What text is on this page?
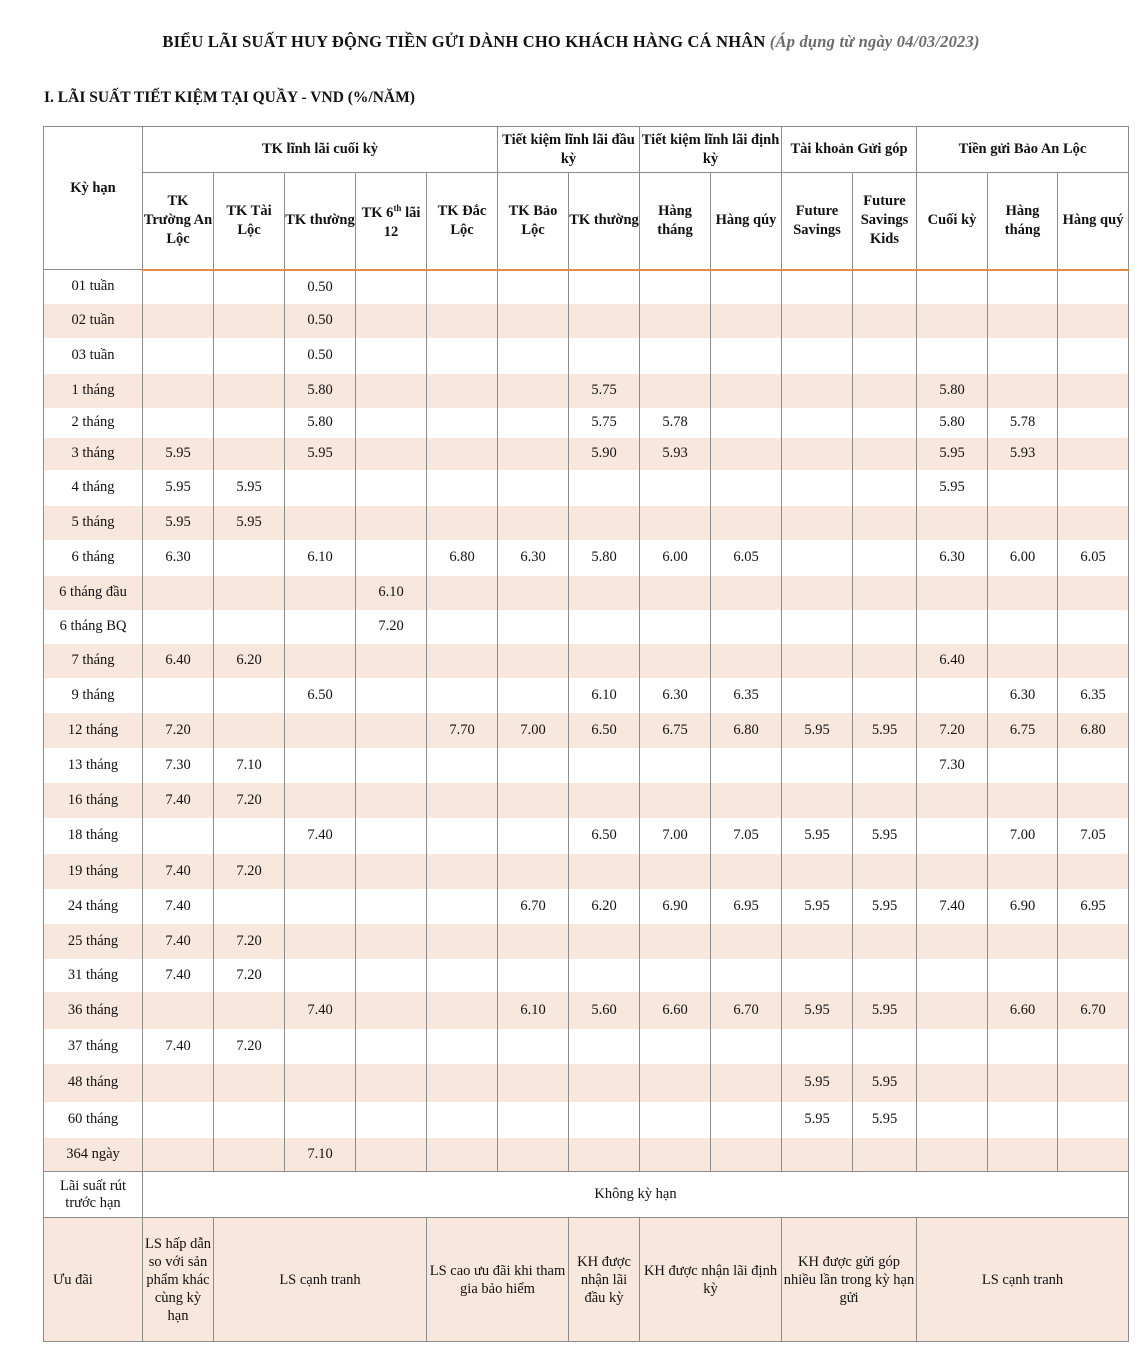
BIỂU LÃI SUẤT HUY ĐỘNG TIỀN GỬI DÀNH CHO KHÁCH HÀNG CÁ NHÂN (Áp dụng từ ngày 04/03/2023)
I. LÃI SUẤT TIẾT KIỆM TẠI QUẦY - VND (%/NĂM)
Kỳ hạn	TK lĩnh lãi cuối kỳ					Tiết kiệm lĩnh lãi đầu kỳ		Tiết kiệm lĩnh lãi định kỳ		Tài khoản Gửi góp		Tiền gửi Bảo An Lộc		
	TK Trường An Lộc	TK Tài Lộc	TK thường	TK 6th lãi 12	TK Đắc Lộc	TK Bảo Lộc	TK thường	Hàng tháng	Hàng qúy	Future Savings	Future Savings Kids	Cuối kỳ	Hàng tháng	Hàng quý
01 tuần			0.50											
02 tuần			0.50											
03 tuần			0.50											
1 tháng			5.80				5.75					5.80		
2 tháng			5.80				5.75	5.78				5.80	5.78	
3 tháng	5.95		5.95				5.90	5.93				5.95	5.93	
4 tháng	5.95	5.95										5.95		
5 tháng	5.95	5.95												
6 tháng	6.30		6.10		6.80	6.30	5.80	6.00	6.05			6.30	6.00	6.05
6 tháng đầu				6.10										
6 tháng BQ				7.20										
7 tháng	6.40	6.20										6.40		
9 tháng			6.50				6.10	6.30	6.35				6.30	6.35
12 tháng	7.20				7.70	7.00	6.50	6.75	6.80	5.95	5.95	7.20	6.75	6.80
13 tháng	7.30	7.10										7.30		
16 tháng	7.40	7.20												
18 tháng			7.40				6.50	7.00	7.05	5.95	5.95		7.00	7.05
19 tháng	7.40	7.20												
24 tháng	7.40					6.70	6.20	6.90	6.95	5.95	5.95	7.40	6.90	6.95
25 tháng	7.40	7.20												
31 tháng	7.40	7.20												
36 tháng			7.40			6.10	5.60	6.60	6.70	5.95	5.95		6.60	6.70
37 tháng	7.40	7.20												
48 tháng										5.95	5.95			
60 tháng										5.95	5.95			
364 ngày			7.10											
Lãi suất rút trước hạn	Không kỳ hạn													
Ưu đãi	LS hấp dẫn so với sản phẩm khác cùng kỳ hạn	LS cạnh tranh			LS cao ưu đãi khi tham gia bảo hiểm		KH được nhận lãi đầu kỳ	KH được nhận lãi định kỳ		KH được gửi góp nhiều lần trong kỳ hạn gửi		LS cạnh tranh		
